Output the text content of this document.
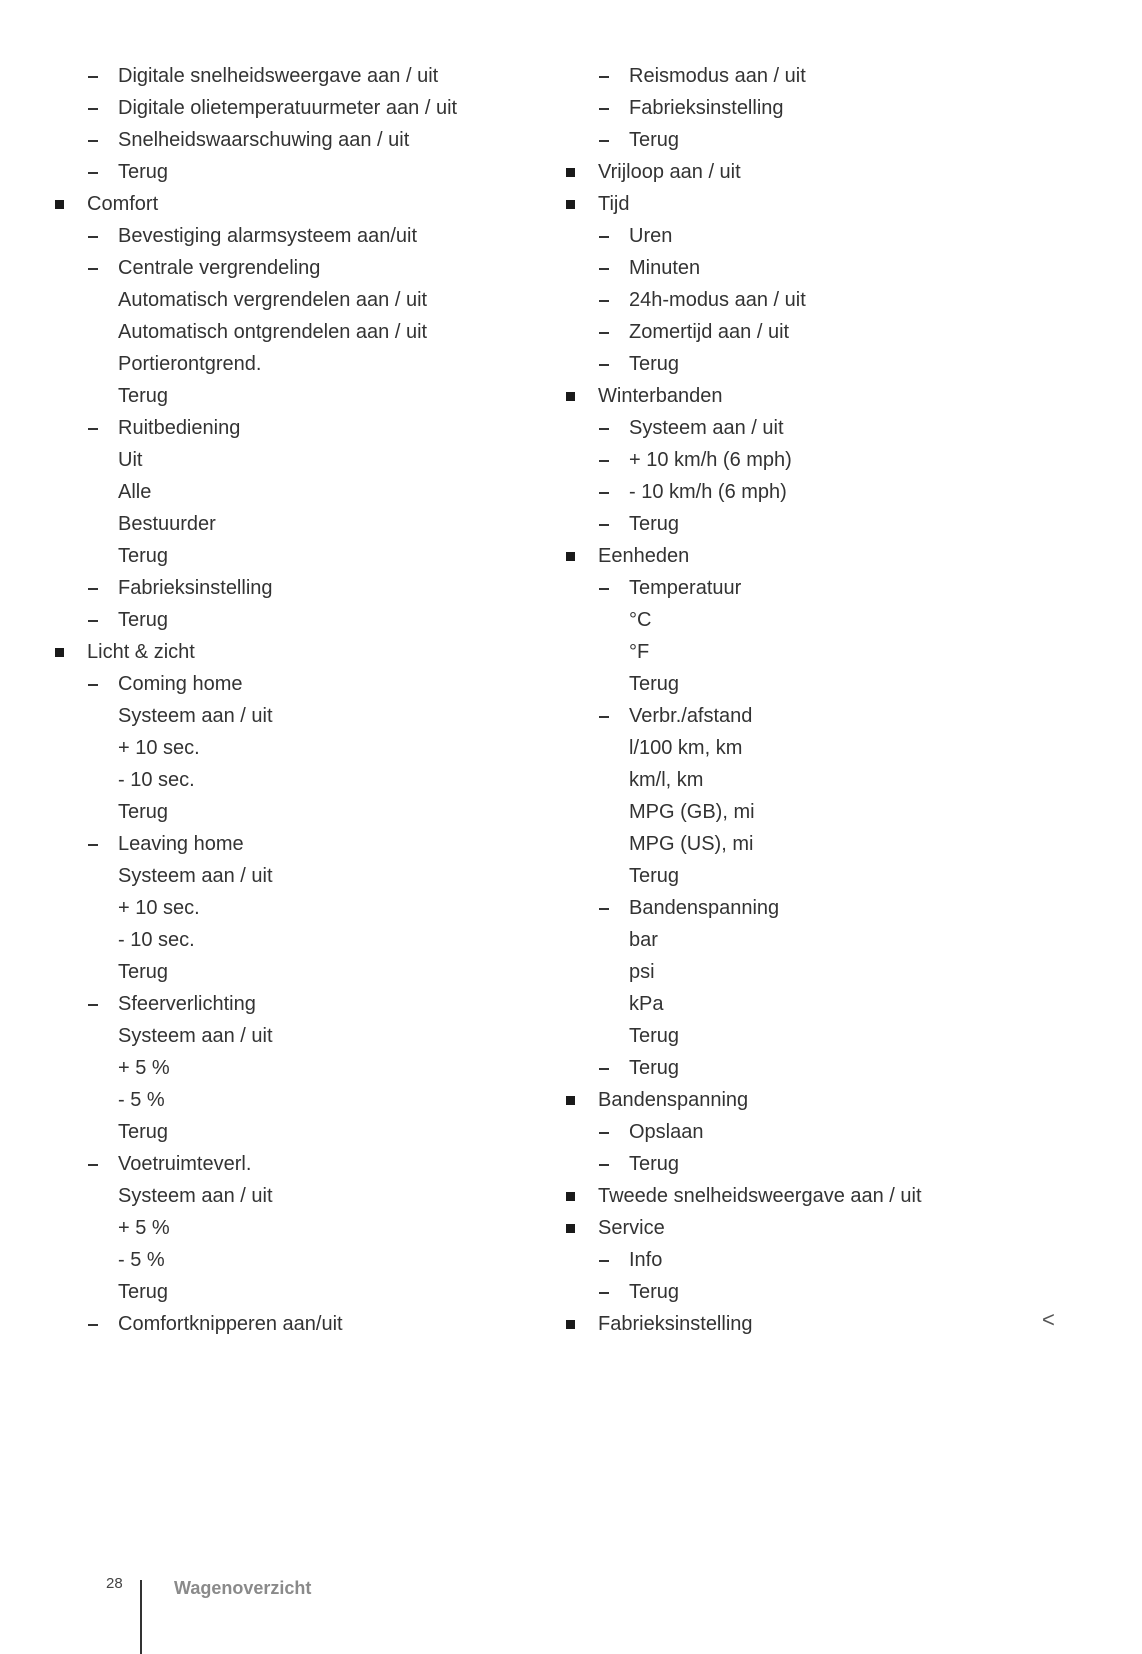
Digitale snelheidsweergave aan / uit
Digitale olietemperatuurmeter aan / uit
Snelheidswaarschuwing aan / uit
Terug
Comfort
Bevestiging alarmsysteem aan/uit
Centrale vergrendeling
Automatisch vergrendelen aan / uit
Automatisch ontgrendelen aan / uit
Portierontgrend.
Terug
Ruitbediening
Uit
Alle
Bestuurder
Terug
Fabrieksinstelling
Terug
Licht & zicht
Coming home
Systeem aan / uit
+ 10 sec.
- 10 sec.
Terug
Leaving home
Systeem aan / uit
+ 10 sec.
- 10 sec.
Terug
Sfeerverlichting
Systeem aan / uit
+ 5 %
- 5 %
Terug
Voetruimteverl.
Systeem aan / uit
+ 5 %
- 5 %
Terug
Comfortknipperen aan/uit
Reismodus aan / uit
Fabrieksinstelling
Terug
Vrijloop aan / uit
Tijd
Uren
Minuten
24h-modus aan / uit
Zomertijd aan / uit
Terug
Winterbanden
Systeem aan / uit
+ 10 km/h (6 mph)
- 10 km/h (6 mph)
Terug
Eenheden
Temperatuur
°C
°F
Terug
Verbr./afstand
l/100 km, km
km/l, km
MPG (GB), mi
MPG (US), mi
Terug
Bandenspanning
bar
psi
kPa
Terug
Terug
Bandenspanning
Opslaan
Terug
Tweede snelheidsweergave aan / uit
Service
Info
Terug
Fabrieksinstelling	<
28	Wagenoverzicht
